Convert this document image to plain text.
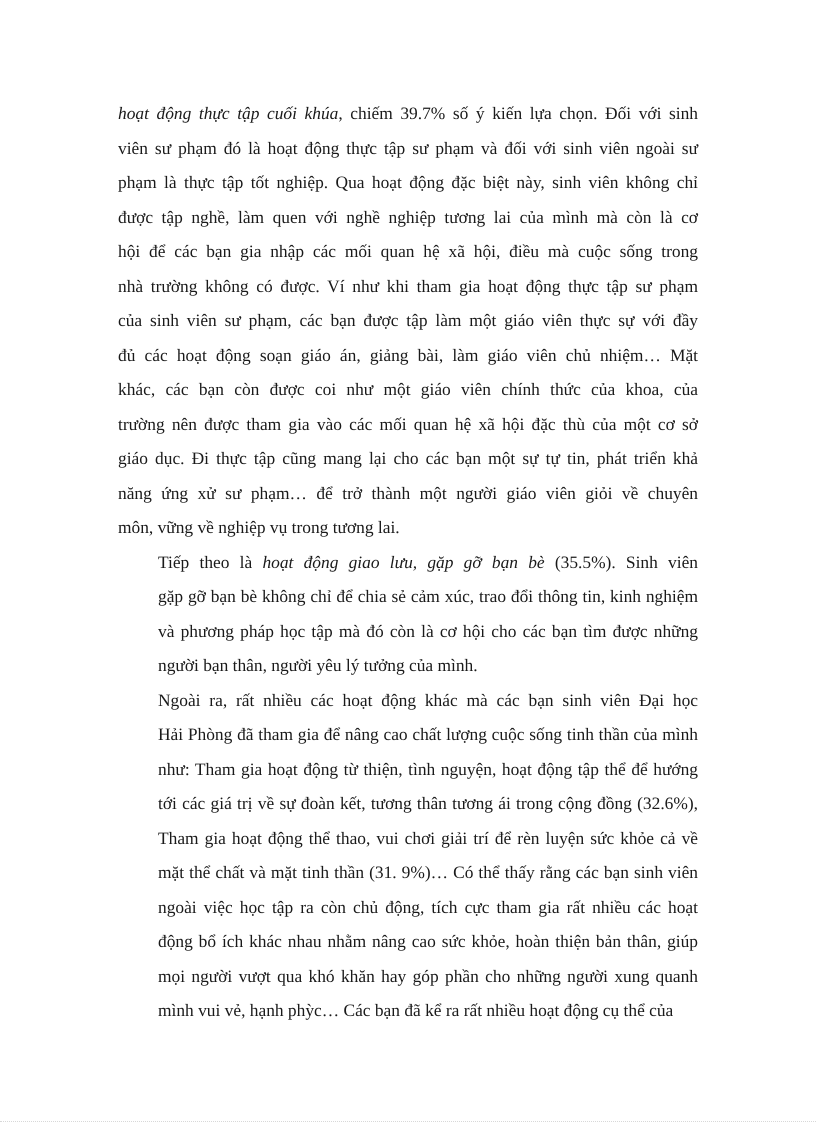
hoạt động thực tập cuối khúa, chiếm 39.7% số ý kiến lựa chọn. Đối với sinh
viên sư phạm đó là hoạt động thực tập sư phạm và đối với sinh viên ngoài sư
phạm là thực tập tốt nghiệp. Qua hoạt động đặc biệt này, sinh viên không chỉ
được tập nghề, làm quen với nghề nghiệp tương lai của mình mà còn là cơ
hội để các bạn gia nhập các mối quan hệ xã hội, điều mà cuộc sống trong
nhà trường không có được. Ví như khi tham gia hoạt động thực tập sư phạm
của sinh viên sư phạm, các bạn được tập làm một giáo viên thực sự với đầy
đủ các hoạt động soạn giáo án, giảng bài, làm giáo viên chủ nhiệm… Mặt
khác, các bạn còn được coi như một giáo viên chính thức của khoa, của
trường nên được tham gia vào các mối quan hệ xã hội đặc thù của một cơ sở
giáo dục. Đi thực tập cũng mang lại cho các bạn một sự tự tin, phát triển khả
năng ứng xử sư phạm… để trở thành một người giáo viên giỏi về chuyên
môn, vững về nghiệp vụ trong tương lai.

Tiếp theo là hoạt động giao lưu, gặp gỡ bạn bè (35.5%). Sinh viên
gặp gỡ bạn bè không chỉ để chia sẻ cảm xúc, trao đổi thông tin, kinh nghiệm
và phương pháp học tập mà đó còn là cơ hội cho các bạn tìm được những
người bạn thân, người yêu lý tưởng của mình.

Ngoài ra, rất nhiều các hoạt động khác mà các bạn sinh viên Đại học
Hải Phòng đã tham gia để nâng cao chất lượng cuộc sống tinh thần của mình
như: Tham gia hoạt động từ thiện, tình nguyện, hoạt động tập thể để hướng
tới các giá trị về sự đoàn kết, tương thân tương ái trong cộng đồng (32.6%),
Tham gia hoạt động thể thao, vui chơi giải trí để rèn luyện sức khỏe cả về
mặt thể chất và mặt tinh thần (31. 9%)… Có thể thấy rằng các bạn sinh viên
ngoài việc học tập ra còn chủ động, tích cực tham gia rất nhiều các hoạt
động bổ ích khác nhau nhằm nâng cao sức khỏe, hoàn thiện bản thân, giúp
mọi người vượt qua khó khăn hay góp phần cho những người xung quanh
mình vui vẻ, hạnh phỳc… Các bạn đã kể ra rất nhiều hoạt động cụ thể của
